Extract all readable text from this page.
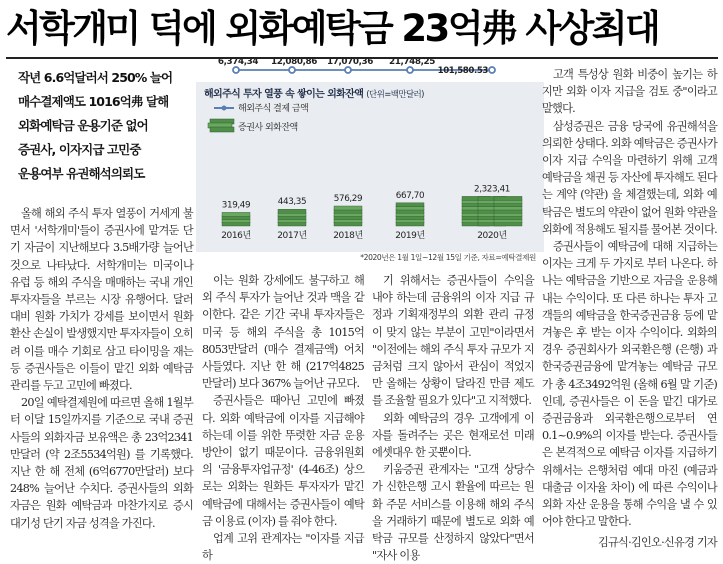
서학개미 덕에 외화예탁금 23억弗 사상최대
작년 6.6억달러서 250% 늘어
매수결제액도 1016억弗 달해
외화예탁금 운용기준 없어
증권사, 이자지급 고민중
운용여부 유권해석의뢰도
해외주식 투자 열풍 속 쌓이는 외화잔액 (단위=백만달러)
해외주식 결제 금액
증권사 외화잔액
6,374,34 12,080,86 17,070,36 21,748,25
101,580.53
319,49
2016년
443,35
2017년
576,29
2018년
667,70
2019년
2,323,41
2020년
*2020년은 1월 1일~12월 15일 기준, 자료=예탁결제원

올해 해외 주식 투자 열풍이 거세게 불면서 '서학개미'들이 증권사에 맡겨둔 단기 자금이 지난해보다 3.5배가량 늘어난 것으로 나타났다. 서학개미는 미국이나 유럽 등 해외 주식을 매매하는 국내 개인투자자들을 부르는 시장 유행어다. 달러 대비 원화 가치가 강세를 보이면서 원화 환산 손실이 발생했지만 투자자들이 오히려 이를 매수 기회로 삼고 타이밍을 재는 등 증권사들은 이들이 맡긴 외화 예탁금 관리를 두고 고민에 빠졌다.

20일 예탁결제원에 따르면 올해 1월부터 이달 15일까지를 기준으로 국내 증권사들의 외화자금 보유액은 총 23억2341만달러 (약 2조5534억원) 를 기록했다. 지난 한 해 전체 (6억6770만달러) 보다 248% 늘어난 수치다. 증권사들의 외화자금은 원화 예탁금과 마찬가지로 증시 대기성 단기 자금 성격을 가진다.

이는 원화 강세에도 불구하고 해외 주식 투자가 늘어난 것과 맥을 같이한다. 같은 기간 국내 투자자들은 미국 등 해외 주식을 총 1015억8053만달러 (매수 결제금액) 어치 사들였다. 지난 한 해 (217억4825만달러) 보다 367% 늘어난 규모다.

증권사들은 때아닌 고민에 빠졌다. 외화 예탁금에 이자를 지급해야 하는데 이를 위한 뚜렷한 자금 운용 방안이 없기 때문이다. 금융위원회의 '금융투자업규정' (4-46조) 상으로는 외화는 원화든 투자자가 맡긴 예탁금에 대해서는 증권사들이 예탁금 이용료 (이자) 를 줘야 한다.

업계 고위 관계자는 "이자를 지급하

기 위해서는 증권사들이 수익을 내야 하는데 금융위의 이자 지급 규정과 기획재정부의 외환 관리 규정이 맞지 않는 부분이 고민"이라면서 "이전에는 해외 주식 투자 규모가 지금처럼 크지 않아서 관심이 적었지만 올해는 상황이 달라진 만큼 제도를 조율할 필요가 있다"고 지적했다.

외화 예탁금의 경우 고객에게 이자를 돌려주는 곳은 현재로선 미래에셋대우 한 곳뿐이다.

키움증권 관계자는 "고객 상당수가 신한은행 고시 환율에 따르는 원화 주문 서비스를 이용해 해외 주식을 거래하기 때문에 별도로 외화 예탁금 규모를 산정하지 않았다"면서 "자사 이용

고객 특성상 원화 비중이 높기는 하지만 외화 이자 지급을 검토 중"이라고 말했다.

삼성증권은 금융 당국에 유권해석을 의뢰한 상태다. 외화 예탁금은 증권사가 이자 지급 수익을 마련하기 위해 고객 예탁금을 채권 등 자산에 투자해도 된다는 계약 (약관) 을 체결했는데, 외화 예탁금은 별도의 약관이 없어 원화 약관을 외화에 적용해도 될지를 물어본 것이다.

증권사들이 예탁금에 대해 지급하는 이자는 크게 두 가지로 부터 나온다. 하나는 예탁금을 기반으로 자금을 운용해 내는 수익이다. 또 다른 하나는 투자 고객들의 예탁금을 한국증권금융 등에 맡겨놓은 후 받는 이자 수익이다. 외화의 경우 증권회사가 외국환은행 (은행) 과 한국증권금융에 맡겨놓는 예탁금 규모가 총 4조3492억원 (올해 6월 말 기준) 인데, 증권사들은 이 돈을 맡긴 대가로 증권금융과 외국환은행으로부터 연 0.1~0.9%의 이자를 받는다. 증권사들은 본격적으로 예탁금 이자를 지급하기 위해서는 은행처럼 예대 마진 (예금과 대출금 이자율 차이) 에 따른 수익이나 외화 자산 운용을 통해 수익을 낼 수 있어야 한다고 말한다.

김규식·김인오·신유경 기자
